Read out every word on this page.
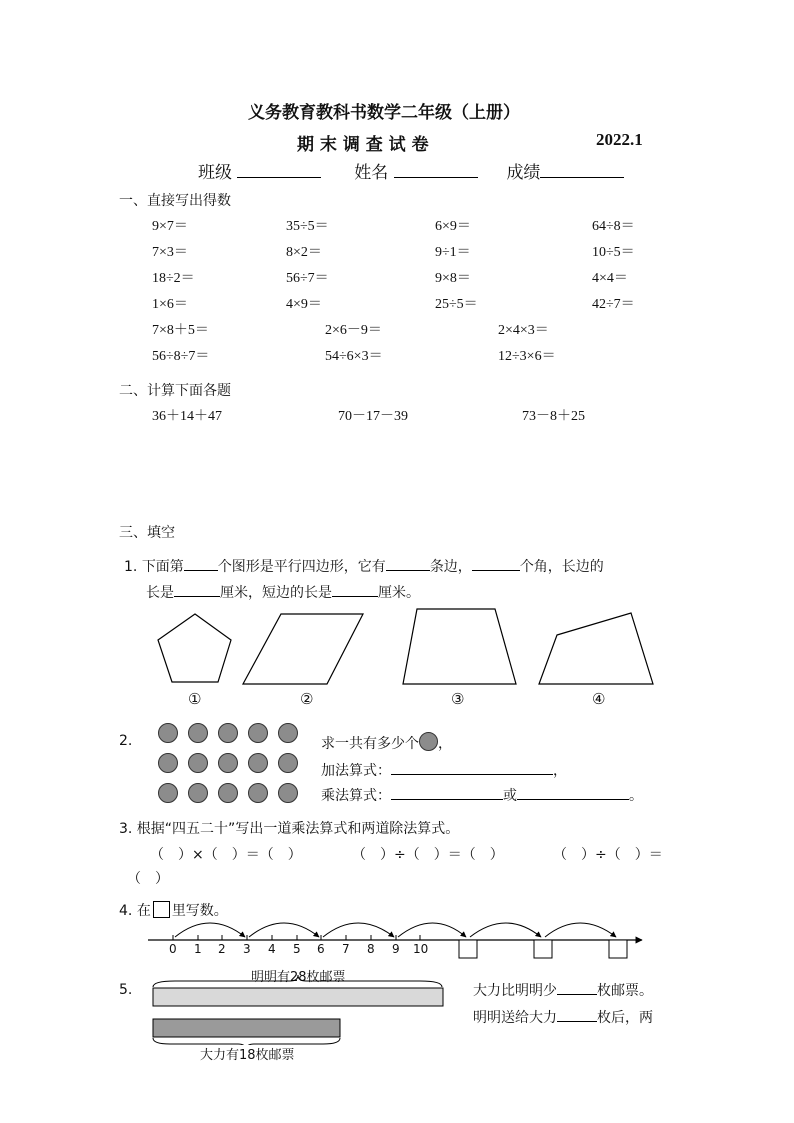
义务教育教科书数学二年级（上册）
期 末 调 查 试 卷	2022.1
班级	姓名	成绩
一、直接写出得数
9×7＝	35÷5＝	6×9＝	64÷8＝
7×3＝	8×2＝	9÷1＝	10÷5＝
18÷2＝	56÷7＝	9×8＝	4×4＝
1×6＝	4×9＝	25÷5＝	42÷7＝
7×8＋5＝	2×6－9＝	2×4×3＝
56÷8÷7＝	54÷6×3＝	12÷3×6＝
二、计算下面各题
36＋14＋47	70－17－39	73－8＋25
三、填空
1. 下面第 个图形是平行四边形，它有	条边，	个角，长边的
长是	厘米，短边的长是	厘米。
①	②	③	④
2.	求一共有多少个 ，
加法算式：	，
乘法算式：	或	。
3. 根据“四五二十”写出一道乘法算式和两道除法算式。
（　）×（　）＝（　）	（　）÷（　）＝（　）	（　）÷（　）＝
（　）
4. 在 里写数。
0 1 2 3 4 5 6 7 8 9 10
5.
明明有28枚邮票
大力有18枚邮票
大力比明明少	枚邮票。
明明送给大力	枚后，两
